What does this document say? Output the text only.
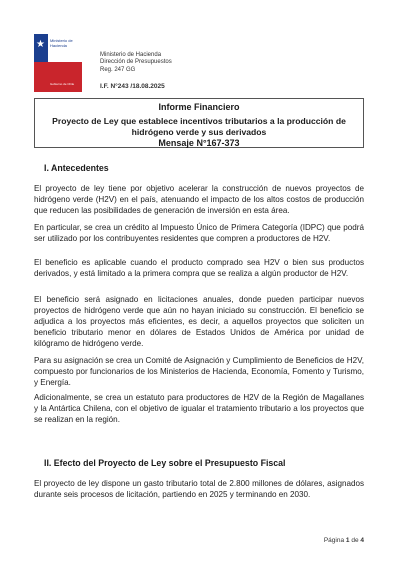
★ Ministerio de Hacienda
Gobierno de Chile
Ministerio de Hacienda
Dirección de Presupuestos
Reg. 247 GG
I.F. N°243 /18.08.2025
Informe Financiero
Proyecto de Ley que establece incentivos tributarios a la producción de hidrógeno verde y sus derivados
Mensaje N°167-373
I. Antecedentes
El proyecto de ley tiene por objetivo acelerar la construcción de nuevos proyectos de hidrógeno verde (H2V) en el país, atenuando el impacto de los altos costos de producción que reducen las posibilidades de generación de inversión en esta área.
En particular, se crea un crédito al Impuesto Único de Primera Categoría (IDPC) que podrá ser utilizado por los contribuyentes residentes que compren a productores de H2V.
El beneficio es aplicable cuando el producto comprado sea H2V o bien sus productos derivados, y está limitado a la primera compra que se realiza a algún productor de H2V.
El beneficio será asignado en licitaciones anuales, donde pueden participar nuevos proyectos de hidrógeno verde que aún no hayan iniciado su construcción. El beneficio se adjudica a los proyectos más eficientes, es decir, a aquellos proyectos que soliciten un beneficio tributario menor en dólares de Estados Unidos de América por unidad de kilógramo de hidrógeno verde.
Para su asignación se crea un Comité de Asignación y Cumplimiento de Beneficios de H2V, compuesto por funcionarios de los Ministerios de Hacienda, Economía, Fomento y Turismo, y Energía.
Adicionalmente, se crea un estatuto para productores de H2V de la Región de Magallanes y la Antártica Chilena, con el objetivo de igualar el tratamiento tributario a los proyectos que se realizan en la región.
II. Efecto del Proyecto de Ley sobre el Presupuesto Fiscal
El proyecto de ley dispone un gasto tributario total de 2.800 millones de dólares, asignados durante seis procesos de licitación, partiendo en 2025 y terminando en 2030.
Página 1 de 4
